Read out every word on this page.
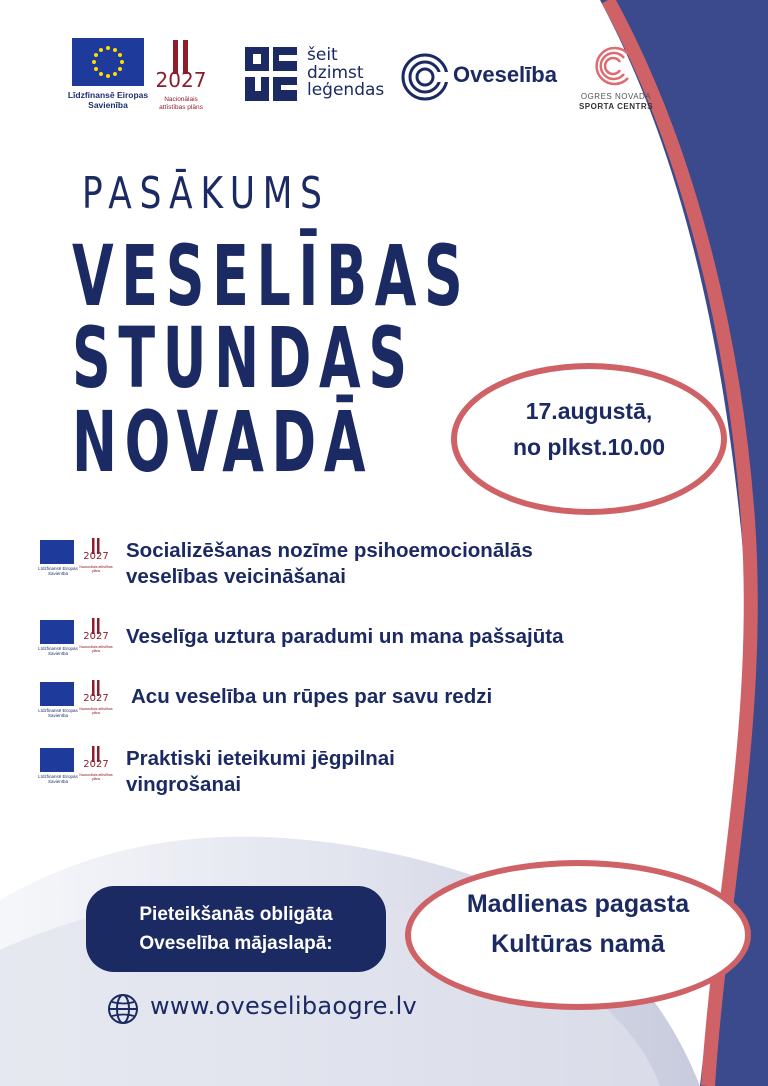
Līdzfinansē Eiropas Savienība
2027
Nacionālais attīstības plāns
šeit
dzimst
leģendas
Oveselība
OGRES NOVADA
SPORTA CENTRS
PASĀKUMS
VESELĪBAS
STUNDAS
NOVADĀ	17.augustā,
no plkst.10.00
Līdzfinansē Eiropas Savienība
2027
Nacionālais attīstības plāns
Socializēšanas nozīme psihoemocionālās
veselības veicināšanai
Līdzfinansē Eiropas Savienība
2027
Nacionālais attīstības plāns
Veselīga uztura paradumi un mana pašsajūta
Līdzfinansē Eiropas Savienība
2027
Nacionālais attīstības plāns
Acu veselība un rūpes par savu redzi
Līdzfinansē Eiropas Savienība
2027
Nacionālais attīstības plāns
Praktiski ieteikumi jēgpilnai
vingrošanai
Pieteikšanās obligāta
Oveselība mājaslapā:
Madlienas pagasta
Kultūras namā
www.oveselibaogre.lv
